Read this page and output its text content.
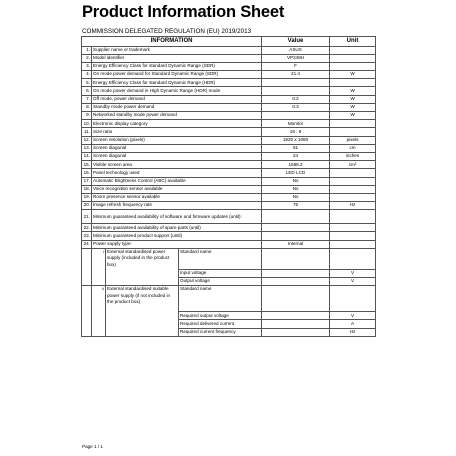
Product Information Sheet
COMMISSION DELEGATED REGULATION (EU) 2019/2013
INFORMATION				Value	Unit
1.	Supplier name or trademark			ASUS	
2.	Model identifier			VP248H	
3.	Energy Efficiency Class for standard Dynamic Range (SDR)			F	
4.	On mode power demand for Standard Dynamic Range (SDR)			21.4	W
5.	Energy Efficiency Class for standard Dynamic Range (HDR)				
6.	On mode power demand in High Dynamic Range (HDR) mode				W
7.	Off mode, power demand			0.2	W
8.	Standby mode power demand			0.3	W
9.	Networked standby mode power demand				W
10.	Electronic display category			Monitor	
11.	Size ratio			16 : 9	
12.	Screen resolution (pixels)			1920 x 1080	pixels
13.	Screen diagonal			61	cm
14.	Screen diagonal			24	inches
15.	Visible screen area			1588.2	cm²
16.	Panel technology used			LED LCD	
17.	Automatic Brightness Control (ABC) available			No	
18.	Voice recognition sensor available			No	
19.	Room presence sensor available			No	
20.	Image refresh frequency rate			75	Hz
21.	Minimum guaranteed availability of software and firmware updates (until):				
22.	Minimum guaranteed availability of spare parts (until)				
23.	Minimum guaranteed product support (until)				
24.	Power supply type:			Internal	
	i	External standardised power supply (included in the product box)	Standard name		
			Input voltage		V
			Output voltage		V
	ii	External standardised suitable power supply (if not included in the product box)	Standard name		
			Required output voltage		V
			Required delivered current		A
			Required current frequency		Hz
Page 1 / 1
